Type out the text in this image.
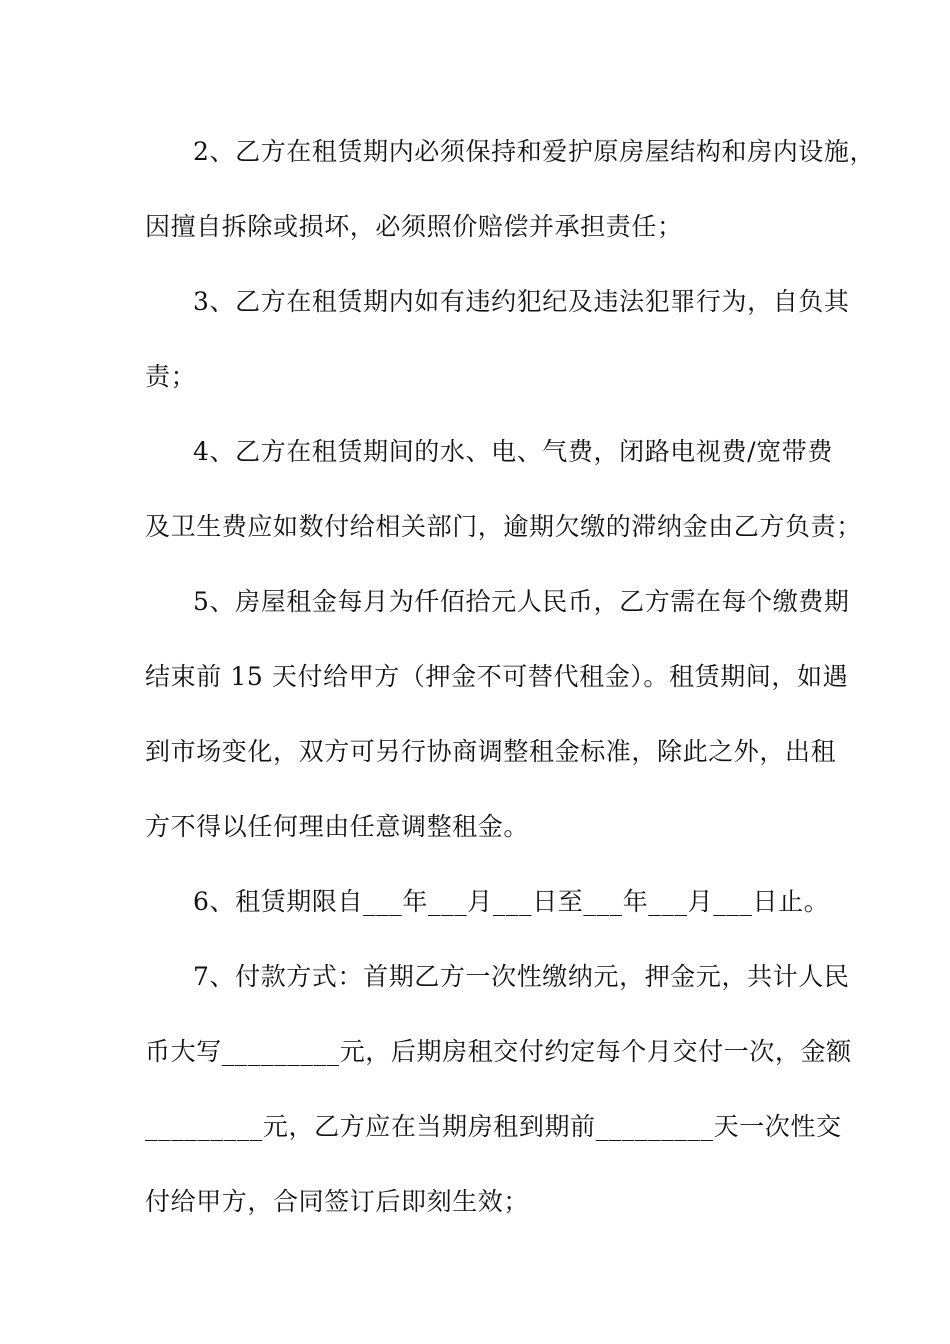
2、乙方在租赁期内必须保持和爱护原房屋结构和房内设施，
因擅自拆除或损坏，必须照价赔偿并承担责任；
3、乙方在租赁期内如有违约犯纪及违法犯罪行为，自负其
责；
4、乙方在租赁期间的水、电、气费，闭路电视费/宽带费
及卫生费应如数付给相关部门，逾期欠缴的滞纳金由乙方负责；
5、房屋租金每月为仟佰拾元人民币，乙方需在每个缴费期
结束前 15 天付给甲方（押金不可替代租金）。租赁期间，如遇
到市场变化，双方可另行协商调整租金标准，除此之外，出租
方不得以任何理由任意调整租金。
6、租赁期限自___年___月___日至___年___月___日止。
7、付款方式：首期乙方一次性缴纳元，押金元，共计人民
币大写_________元，后期房租交付约定每个月交付一次，金额
_________元，乙方应在当期房租到期前_________天一次性交
付给甲方，合同签订后即刻生效；
